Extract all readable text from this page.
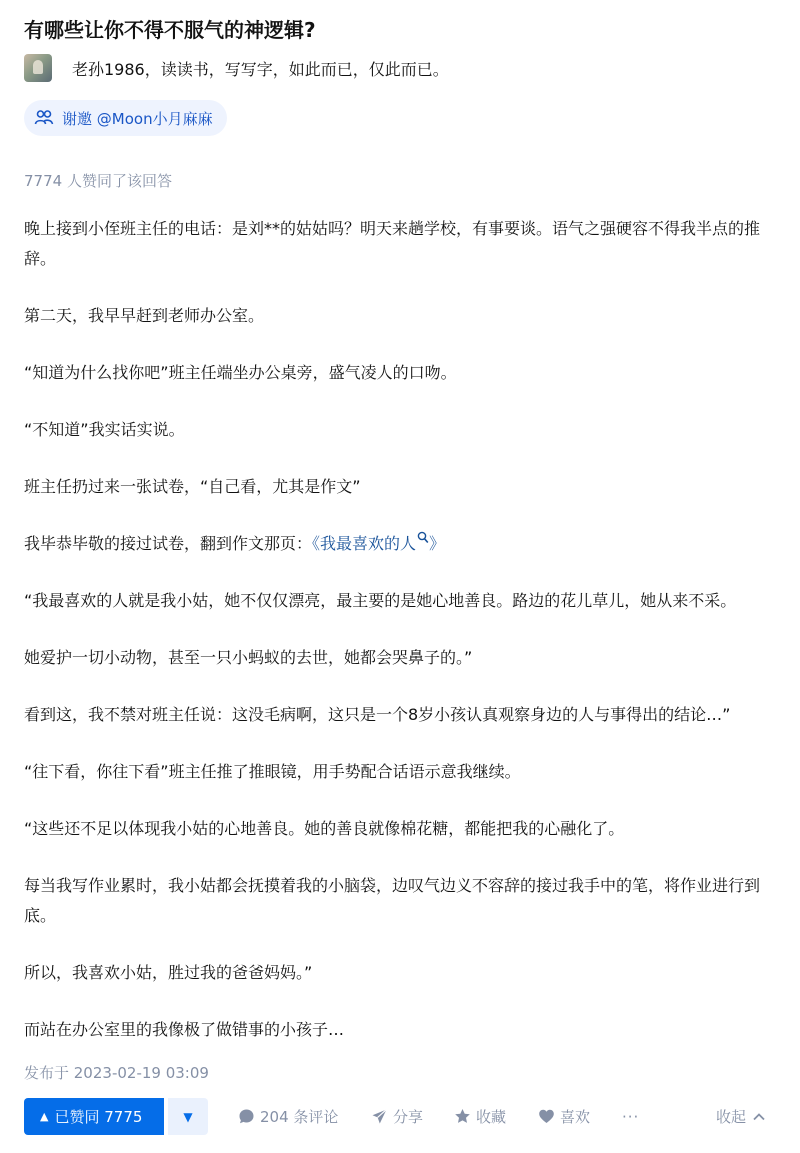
有哪些让你不得不服气的神逻辑?
老孙1986 ， 读读书，写写字，如此而已，仅此而已。
谢邀 @Moon小月麻麻
7774 人赞同了该回答

晚上接到小侄班主任的电话：是刘**的姑姑吗？明天来趟学校，有事要谈。语气之强硬容不得我半点的推辞。

第二天，我早早赶到老师办公室。

“知道为什么找你吧”班主任端坐办公桌旁，盛气凌人的口吻。

“不知道”我实话实说。

班主任扔过来一张试卷，“自己看，尤其是作文”

我毕恭毕敬的接过试卷，翻到作文那页：《我最喜欢的人 》

“我最喜欢的人就是我小姑，她不仅仅漂亮，最主要的是她心地善良。路边的花儿草儿，她从来不采。

她爱护一切小动物，甚至一只小蚂蚁的去世，她都会哭鼻子的。”

看到这，我不禁对班主任说：这没毛病啊，这只是一个8岁小孩认真观察身边的人与事得出的结论…”

“往下看，你往下看”班主任推了推眼镜，用手势配合话语示意我继续。

“这些还不足以体现我小姑的心地善良。她的善良就像棉花糖，都能把我的心融化了。

每当我写作业累时，我小姑都会抚摸着我的小脑袋，边叹气边义不容辞的接过我手中的笔，将作业进行到底。

所以，我喜欢小姑，胜过我的爸爸妈妈。”

而站在办公室里的我像极了做错事的小孩子…

发布于 2023-02-19 03:09
▲ 已赞同 7775	▼	204 条评论	分享	收藏	喜欢 ···	收起
